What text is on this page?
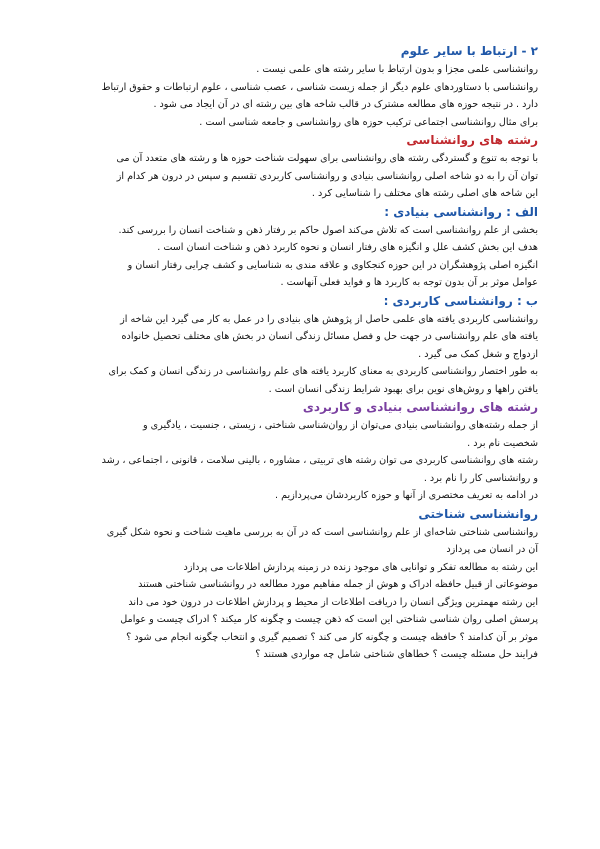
۲ - ارتباط با سایر علوم

روانشناسی علمی مجزا و بدون ارتباط با سایر رشته های علمی نیست .

روانشناسی با دستاوردهای علوم دیگر از جمله زیست شناسی ، عصب شناسی ، علوم ارتباطات و حقوق ارتباط

دارد . در نتیجه حوزه های مطالعه مشترک در قالب شاخه های بین رشته ای در آن ایجاد می شود .

برای مثال روانشناسی اجتماعی ترکیب حوزه های روانشناسی و جامعه شناسی است .

رشته های روانشناسی

با توجه به تنوع و گستردگی رشته های روانشناسی برای سهولت شناخت حوزه ها و رشته های متعدد آن می

توان آن را به دو شاخه اصلی روانشناسی بنیادی و روانشناسی کاربردی تقسیم و سپس در درون هر کدام از

این شاخه های اصلی رشته های مختلف را شناسایی کرد .

الف : روانشناسی بنیادی :

بخشی از علم روانشناسی است که تلاش می‌کند اصول حاکم بر رفتار ذهن و شناخت انسان را بررسی کند.

هدف این بخش کشف علل و انگیزه های رفتار انسان و نحوه کاربرد ذهن و شناخت انسان است .

انگیزه اصلی پژوهشگران در این حوزه کنجکاوی و علاقه مندی به شناسایی و کشف چرایی رفتار انسان و

عوامل موثر بر آن بدون توجه به کاربرد ها و فواید فعلی آنهاست .

ب : روانشناسی کاربردی :

روانشناسی کاربردی یافته های علمی حاصل از پژوهش های بنیادی را در عمل به کار می گیرد این شاخه از

یافته های علم روانشناسی در جهت حل و فصل مسائل زندگی انسان در بخش های مختلف تحصیل خانواده

ازدواج و شغل کمک می گیرد .

به طور اختصار روانشناسی کاربردی به معنای کاربرد یافته های علم روانشناسی در زندگی انسان و کمک برای

یافتن راهها و روش‌های نوین برای بهبود شرایط زندگی انسان است .

رشته های روانشناسی بنیادی و کاربردی

از جمله رشته‌های روانشناسی بنیادی می‌توان از روان‌شناسی شناختی ، زیستی ، جنسیت ، یادگیری و

شخصیت نام برد .

رشته های روانشناسی کاربردی می توان رشته های تربیتی ، مشاوره ، بالینی سلامت ، قانونی ، اجتماعی ، رشد

و روانشناسی کار را نام برد .

در ادامه به تعریف مختصری از آنها و حوزه کاربردشان می‌پردازیم .

روانشناسی شناختی

روانشناسی شناختی شاخه‌ای از علم روانشناسی است که در آن به بررسی ماهیت شناخت و نحوه شکل گیری

آن در انسان می پردازد

این رشته به مطالعه تفکر و توانایی های موجود زنده در زمینه پردازش اطلاعات می پردازد

موضوعاتی از قبیل حافظه ادراک و هوش از جمله مفاهیم مورد مطالعه در روانشناسی شناختی هستند

این رشته مهمترین ویژگی انسان را دریافت اطلاعات از محیط و پردازش اطلاعات در درون خود می داند

پرسش اصلی روان شناسی شناختی این است که ذهن چیست و چگونه کار میکند ؟ ادراک چیست و عوامل

موثر بر آن کدامند ؟ حافظه چیست و چگونه کار می کند ؟ تصمیم گیری و انتخاب چگونه انجام می شود ؟

فرایند حل مسئله چیست ؟ خطاهای شناختی شامل چه مواردی هستند ؟
